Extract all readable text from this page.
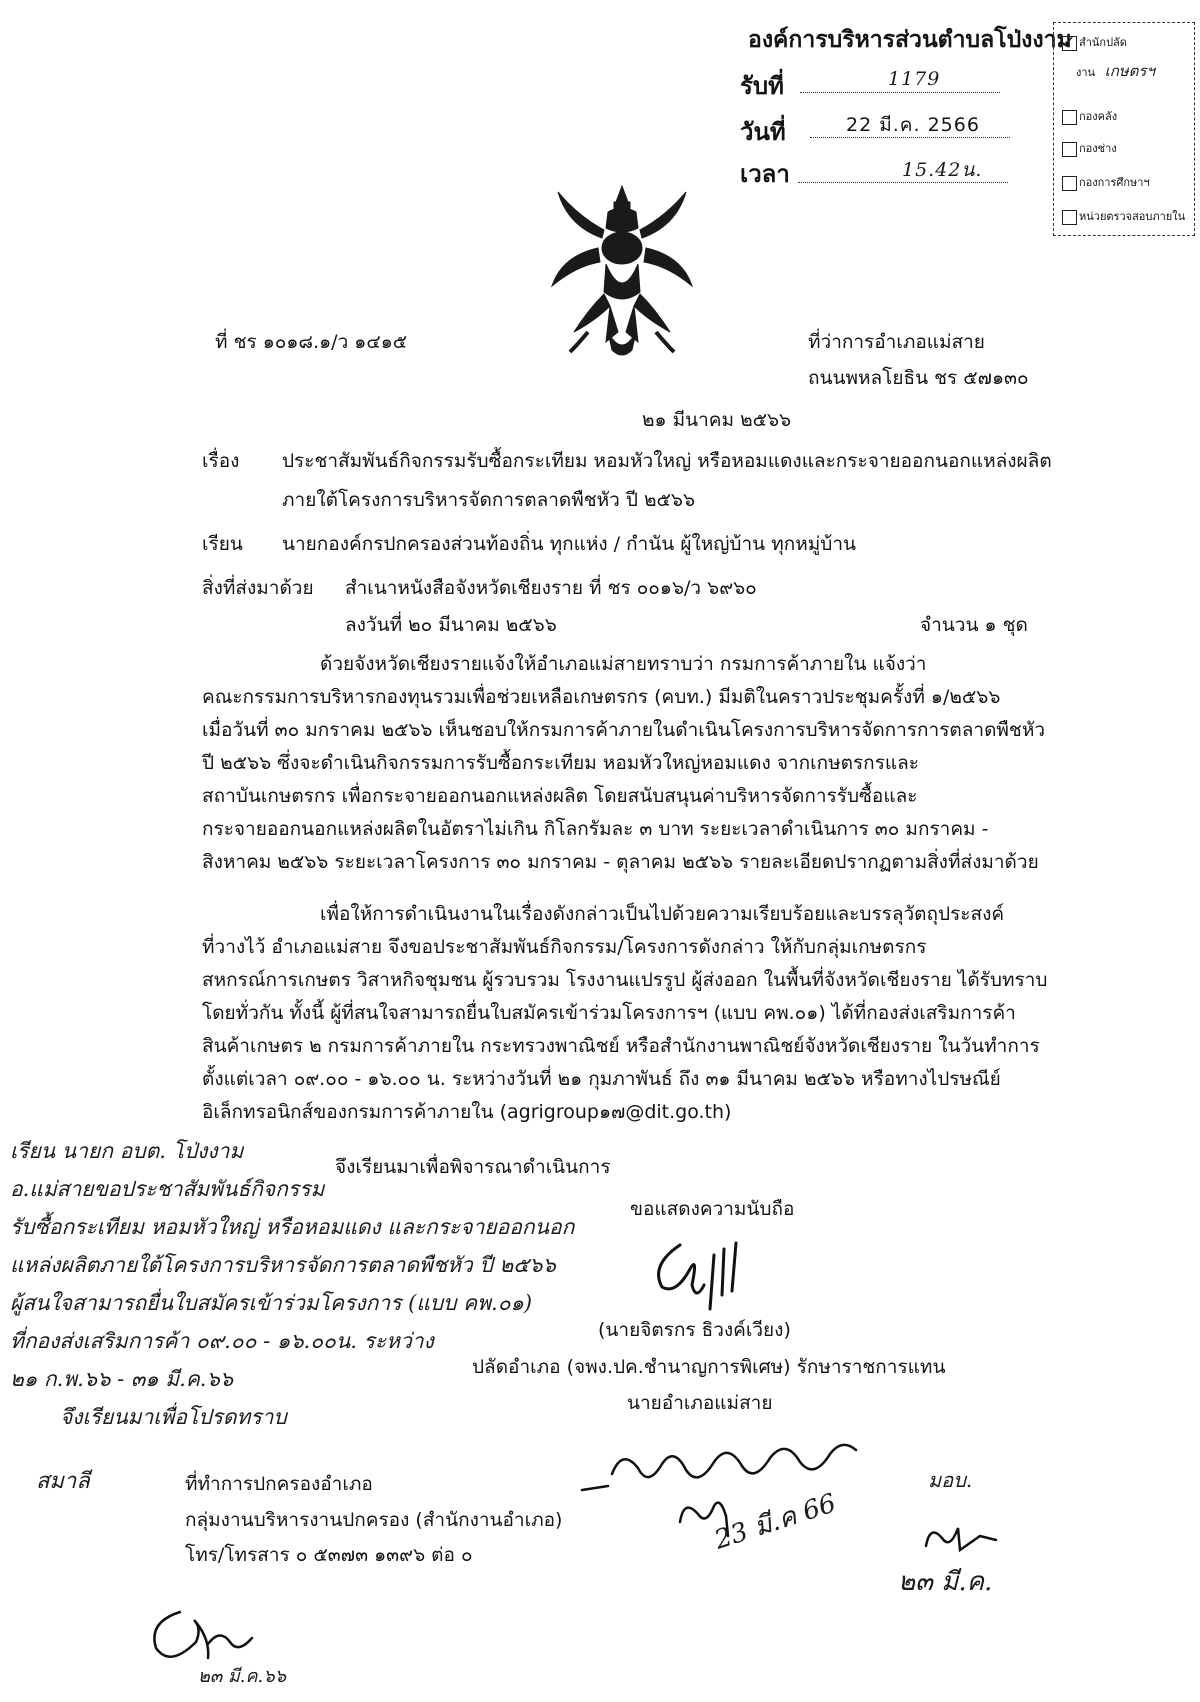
องค์การบริหารส่วนตำบลโป่งงาม
รับที่	1179
วันที่	22 มี.ค. 2566
เวลา	15.42น.
✓สำนักปลัด
งาน เกษตรฯ
กองคลัง
กองช่าง
กองการศึกษาฯ
หน่วยตรวจสอบภายใน
ที่ ชร ๑๐๑๘.๑/ว ๑๔๑๕	ที่ว่าการอำเภอแม่สาย
ถนนพหลโยธิน ชร ๕๗๑๓๐
๒๑ มีนาคม ๒๕๖๖
เรื่อง ประชาสัมพันธ์กิจกรรมรับซื้อกระเทียม หอมหัวใหญ่ หรือหอมแดงและกระจายออกนอกแหล่งผลิต
ภายใต้โครงการบริหารจัดการตลาดพืชหัว ปี ๒๕๖๖
เรียน นายกองค์กรปกครองส่วนท้องถิ่น ทุกแห่ง / กำนัน ผู้ใหญ่บ้าน ทุกหมู่บ้าน
สิ่งที่ส่งมาด้วย สำเนาหนังสือจังหวัดเชียงราย ที่ ชร ๐๐๑๖/ว ๖๙๖๐
ลงวันที่ ๒๐ มีนาคม ๒๕๖๖	จำนวน ๑ ชุด
ด้วยจังหวัดเชียงรายแจ้งให้อำเภอแม่สายทราบว่า กรมการค้าภายใน แจ้งว่า
คณะกรรมการบริหารกองทุนรวมเพื่อช่วยเหลือเกษตรกร (คบท.) มีมติในคราวประชุมครั้งที่ ๑/๒๕๖๖
เมื่อวันที่ ๓๐ มกราคม ๒๕๖๖ เห็นชอบให้กรมการค้าภายในดำเนินโครงการบริหารจัดการการตลาดพืชหัว
ปี ๒๕๖๖ ซึ่งจะดำเนินกิจกรรมการรับซื้อกระเทียม หอมหัวใหญ่หอมแดง จากเกษตรกรและ
สถาบันเกษตรกร เพื่อกระจายออกนอกแหล่งผลิต โดยสนับสนุนค่าบริหารจัดการรับซื้อและ
กระจายออกนอกแหล่งผลิตในอัตราไม่เกิน กิโลกรัมละ ๓ บาท ระยะเวลาดำเนินการ ๓๐ มกราคม -
สิงหาคม ๒๕๖๖ ระยะเวลาโครงการ ๓๐ มกราคม - ตุลาคม ๒๕๖๖ รายละเอียดปรากฏตามสิ่งที่ส่งมาด้วย
เพื่อให้การดำเนินงานในเรื่องดังกล่าวเป็นไปด้วยความเรียบร้อยและบรรลุวัตถุประสงค์
ที่วางไว้ อำเภอแม่สาย จึงขอประชาสัมพันธ์กิจกรรม/โครงการดังกล่าว ให้กับกลุ่มเกษตรกร
สหกรณ์การเกษตร วิสาหกิจชุมชน ผู้รวบรวม โรงงานแปรรูป ผู้ส่งออก ในพื้นที่จังหวัดเชียงราย ได้รับทราบ
โดยทั่วกัน ทั้งนี้ ผู้ที่สนใจสามารถยื่นใบสมัครเข้าร่วมโครงการฯ (แบบ คพ.๐๑) ได้ที่กองส่งเสริมการค้า
สินค้าเกษตร ๒ กรมการค้าภายใน กระทรวงพาณิชย์ หรือสำนักงานพาณิชย์จังหวัดเชียงราย ในวันทำการ
ตั้งแต่เวลา ๐๙.๐๐ - ๑๖.๐๐ น. ระหว่างวันที่ ๒๑ กุมภาพันธ์ ถึง ๓๑ มีนาคม ๒๕๖๖ หรือทางไปรษณีย์
อิเล็กทรอนิกส์ของกรมการค้าภายใน (agrigroup๑๗@dit.go.th)
จึงเรียนมาเพื่อพิจารณาดำเนินการ
ขอแสดงความนับถือ
(นายจิตรกร ธิวงค์เวียง)
ปลัดอำเภอ (จพง.ปค.ชำนาญการพิเศษ) รักษาราชการแทน
นายอำเภอแม่สาย
ที่ทำการปกครองอำเภอ
กลุ่มงานบริหารงานปกครอง (สำนักงานอำเภอ)
โทร/โทรสาร ๐ ๕๓๗๓ ๑๓๙๖ ต่อ ๐
เรียน นายก อบต. โป่งงาม
อ.แม่สายขอประชาสัมพันธ์กิจกรรม
รับซื้อกระเทียม หอมหัวใหญ่ หรือหอมแดง และกระจายออกนอก
แหล่งผลิตภายใต้โครงการบริหารจัดการตลาดพืชหัว ปี ๒๕๖๖
ผู้สนใจสามารถยื่นใบสมัครเข้าร่วมโครงการ (แบบ คพ.๐๑)
ที่กองส่งเสริมการค้า ๐๙.๐๐ - ๑๖.๐๐น. ระหว่าง
๒๑ ก.พ.๖๖ - ๓๑ มี.ค.๖๖
จึงเรียนมาเพื่อโปรดทราบ
สมาลี
23 มี.ค 66
มอบ.
๒๓ มี.ค.
๒๓ มี.ค.๖๖
